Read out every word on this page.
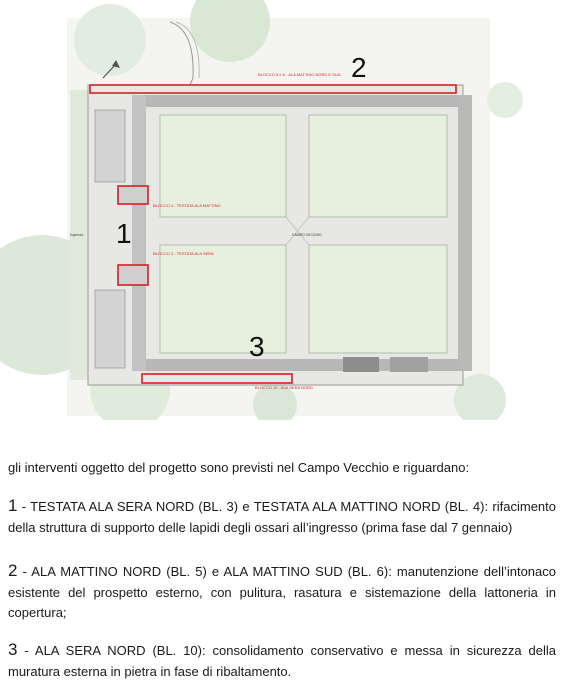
BLOCCO 5 e 6 - ALA MATTINO NORD E SUD
BLOCCO 4 - TESTATA ALA MATTINO
BLOCCO 3 - TESTATA ALA SERA
BLOCCO 10 - ALA SERA NORD
CAMPO VECCHIO
Ingresso
2
1
3
gli interventi oggetto del progetto sono previsti nel Campo Vecchio e riguardano:
1 - TESTATA ALA SERA NORD (BL. 3) e TESTATA ALA MATTINO NORD (BL. 4): rifacimento della struttura di supporto delle lapidi degli ossari all’ingresso (prima fase dal 7 gennaio)
2 - ALA MATTINO NORD (BL. 5) e ALA MATTINO SUD (BL. 6): manutenzione dell’intonaco esistente del prospetto esterno, con pulitura, rasatura e sistemazione della lattoneria in copertura;
3 - ALA SERA NORD (BL. 10): consolidamento conservativo e messa in sicurezza della muratura esterna in pietra in fase di ribaltamento.
